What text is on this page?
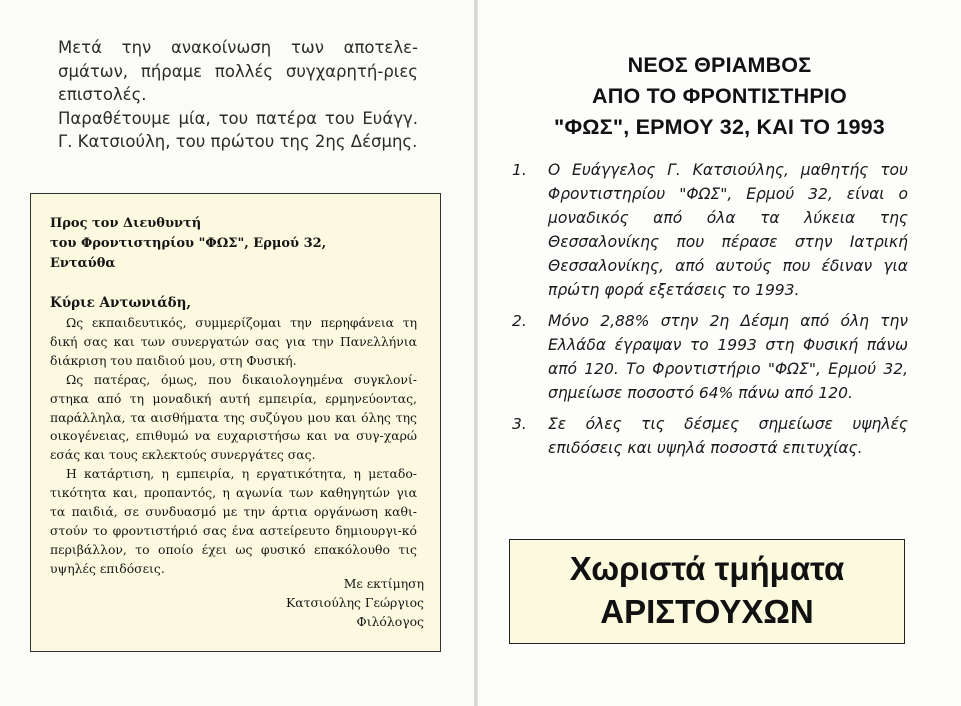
Μετά την ανακοίνωση των αποτελε-σμάτων, πήραμε πολλές συγχαρητή-ριες επιστολές.

Παραθέτουμε μία, του πατέρα του Ευάγγ. Γ. Κατσιούλη, του πρώτου της 2ης Δέσμης.

Προς τον Διευθυντή
του Φροντιστηρίου "ΦΩΣ", Ερμού 32,
Ενταύθα
Κύριε Αντωνιάδη,

Ως εκπαιδευτικός, συμμερίζομαι την περηφάνεια τη δική σας και των συνεργατών σας για την Πανελλήνια διάκριση του παιδιού μου, στη Φυσική.

Ως πατέρας, όμως, που δικαιολογημένα συγκλονί-στηκα από τη μοναδική αυτή εμπειρία, ερμηνεύοντας, παράλληλα, τα αισθήματα της συζύγου μου και όλης της οικογένειας, επιθυμώ να ευχαριστήσω και να συγ-χαρώ εσάς και τους εκλεκτούς συνεργάτες σας.

Η κατάρτιση, η εμπειρία, η εργατικότητα, η μεταδο-τικότητα και, προπαντός, η αγωνία των καθηγητών για τα παιδιά, σε συνδυασμό με την άρτια οργάνωση καθι-στούν το φροντιστήριό σας ένα αστείρευτο δημιουργι-κό περιβάλλον, το οποίο έχει ως φυσικό επακόλουθο τις υψηλές επιδόσεις.

Με εκτίμηση
Κατσιούλης Γεώργιος
Φιλόλογος
ΝΕΟΣ ΘΡΙΑΜΒΟΣ
ΑΠΟ ΤΟ ΦΡΟΝΤΙΣΤΗΡΙΟ
"ΦΩΣ", ΕΡΜΟΥ 32, ΚΑΙ ΤΟ 1993
1. Ο Ευάγγελος Γ. Κατσιούλης, μαθητής του Φροντιστηρίου "ΦΩΣ", Ερμού 32, είναι ο μοναδικός από όλα τα λύκεια της Θεσσαλονίκης που πέρασε στην Ιατρική Θεσσαλονίκης, από αυτούς που έδιναν για πρώτη φορά εξετάσεις το 1993.
2. Μόνο 2,88% στην 2η Δέσμη από όλη την Ελλάδα έγραψαν το 1993 στη Φυσική πάνω από 120. Το Φροντιστήριο "ΦΩΣ", Ερμού 32, σημείωσε ποσοστό 64% πάνω από 120.
3. Σε όλες τις δέσμες σημείωσε υψηλές επιδόσεις και υψηλά ποσοστά επιτυχίας.
Χωριστά τμήματα
ΑΡΙΣΤΟΥΧΩΝ
